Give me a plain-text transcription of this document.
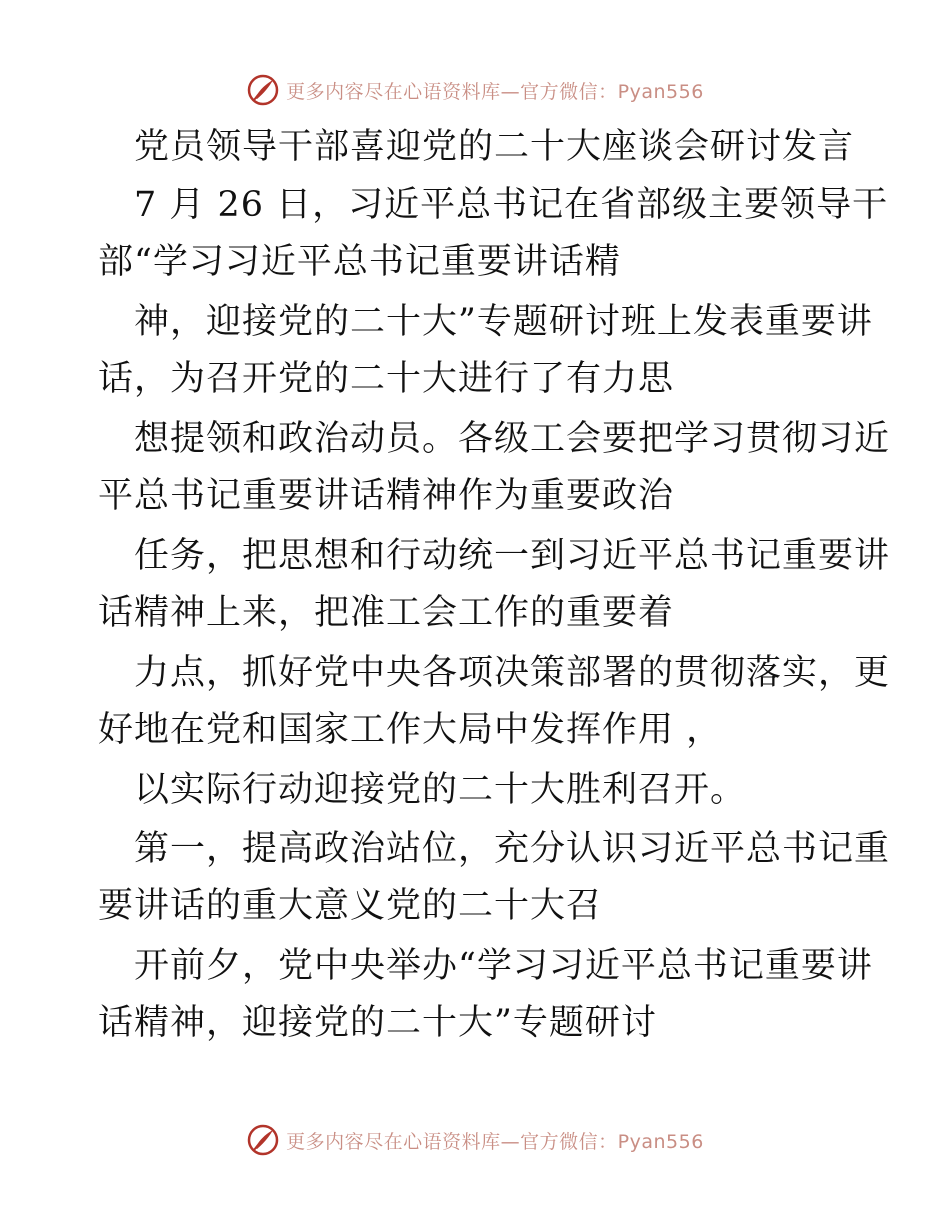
更多内容尽在心语资料库—官方微信：Pyan556
党员领导干部喜迎党的二十大座谈会研讨发言
7 月 26 日，习近平总书记在省部级主要领导干
部“学习习近平总书记重要讲话精
神，迎接党的二十大”专题研讨班上发表重要讲
话，为召开党的二十大进行了有力思
想提领和政治动员。各级工会要把学习贯彻习近
平总书记重要讲话精神作为重要政治
任务，把思想和行动统一到习近平总书记重要讲
话精神上来，把准工会工作的重要着
力点，抓好党中央各项决策部署的贯彻落实，更
好地在党和国家工作大局中发挥作用 ，
以实际行动迎接党的二十大胜利召开。
第一，提高政治站位，充分认识习近平总书记重
要讲话的重大意义党的二十大召
开前夕，党中央举办“学习习近平总书记重要讲
话精神，迎接党的二十大”专题研讨
更多内容尽在心语资料库—官方微信：Pyan556
